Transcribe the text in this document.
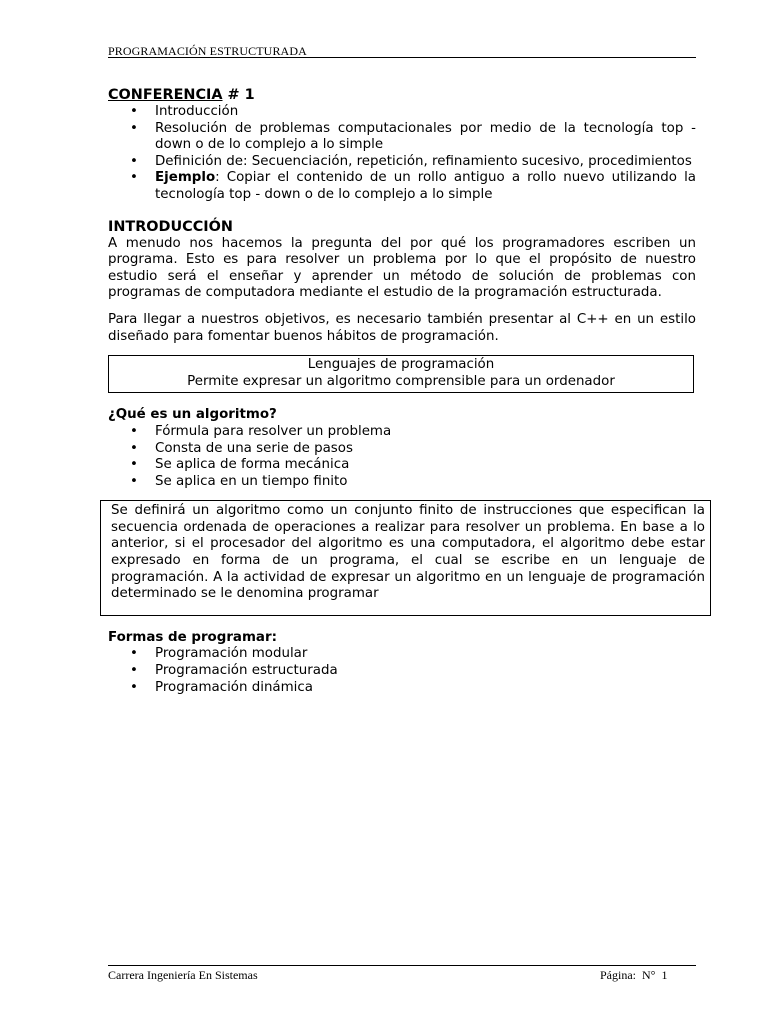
PROGRAMACIÓN ESTRUCTURADA
CONFERENCIA # 1
• Introducción
• Resolución de problemas computacionales por medio de la tecnología top - down o de lo complejo a lo simple
• Definición de: Secuenciación, repetición, refinamiento sucesivo, procedimientos
• Ejemplo: Copiar el contenido de un rollo antiguo a rollo nuevo utilizando la tecnología top - down o de lo complejo a lo simple
INTRODUCCIÓN

A menudo nos hacemos la pregunta del por qué los programadores escriben un programa. Esto es para resolver un problema por lo que el propósito de nuestro estudio será el enseñar y aprender un método de solución de problemas con programas de computadora mediante el estudio de la programación estructurada.

Para llegar a nuestros objetivos, es necesario también presentar al C++ en un estilo diseñado para fomentar buenos hábitos de programación.

Lenguajes de programación
Permite expresar un algoritmo comprensible para un ordenador
¿Qué es un algoritmo?
• Fórmula para resolver un problema
• Consta de una serie de pasos
• Se aplica de forma mecánica
• Se aplica en un tiempo finito
Se definirá un algoritmo como un conjunto finito de instrucciones que especifican la secuencia ordenada de operaciones a realizar para resolver un problema. En base a lo anterior, si el procesador del algoritmo es una computadora, el algoritmo debe estar expresado en forma de un programa, el cual se escribe en un lenguaje de programación. A la actividad de expresar un algoritmo en un lenguaje de programación determinado se le denomina programar
Formas de programar:
• Programación modular
• Programación estructurada
• Programación dinámica
Carrera Ingeniería En Sistemas	Página:  N°  1
